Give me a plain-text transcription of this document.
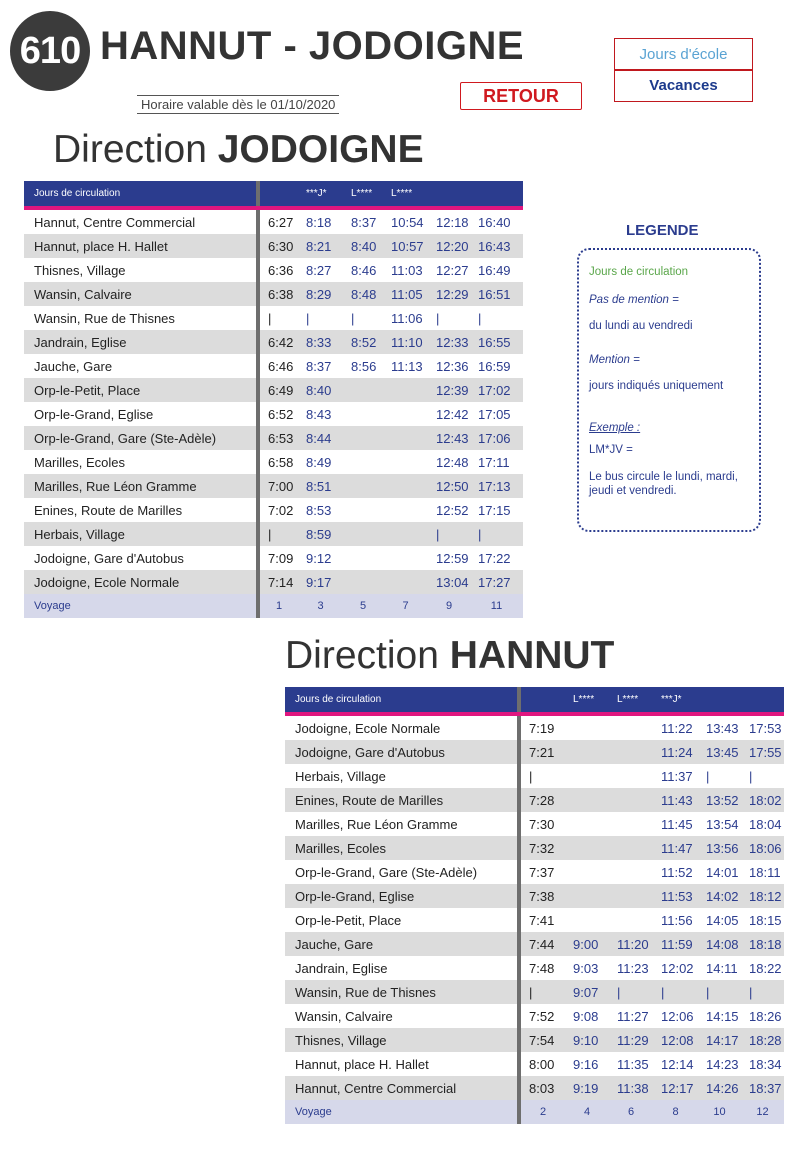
610 HANNUT - JODOIGNE
Horaire valable dès le 01/10/2020	RETOUR
Jours d'école
Vacances
Direction JODOIGNE
Jours de circulation			***J*	L****	L****		
Hannut, Centre Commercial		6:27	8:18	8:37	10:54	12:18	16:40
Hannut, place H. Hallet		6:30	8:21	8:40	10:57	12:20	16:43
Thisnes, Village		6:36	8:27	8:46	11:03	12:27	16:49
Wansin, Calvaire		6:38	8:29	8:48	11:05	12:29	16:51
Wansin, Rue de Thisnes		|	|	|	11:06	|	|
Jandrain, Eglise		6:42	8:33	8:52	11:10	12:33	16:55
Jauche, Gare		6:46	8:37	8:56	11:13	12:36	16:59
Orp-le-Petit, Place		6:49	8:40			12:39	17:02
Orp-le-Grand, Eglise		6:52	8:43			12:42	17:05
Orp-le-Grand, Gare (Ste-Adèle)		6:53	8:44			12:43	17:06
Marilles, Ecoles		6:58	8:49			12:48	17:11
Marilles, Rue Léon Gramme		7:00	8:51			12:50	17:13
Enines, Route de Marilles		7:02	8:53			12:52	17:15
Herbais, Village		|	8:59			|	|
Jodoigne, Gare d'Autobus		7:09	9:12			12:59	17:22
Jodoigne, Ecole Normale		7:14	9:17			13:04	17:27
Voyage		1	3	5	7	9	11
LEGENDE

Jours de circulation

Pas de mention =

du lundi au vendredi

Mention =

jours indiqués uniquement

Exemple :

LM*JV =

Le bus circule le lundi, mardi, jeudi et vendredi.

Direction HANNUT
Jours de circulation			L****	L****	***J*		
Jodoigne, Ecole Normale		7:19			11:22	13:43	17:53
Jodoigne, Gare d'Autobus		7:21			11:24	13:45	17:55
Herbais, Village		|			11:37	|	|
Enines, Route de Marilles		7:28			11:43	13:52	18:02
Marilles, Rue Léon Gramme		7:30			11:45	13:54	18:04
Marilles, Ecoles		7:32			11:47	13:56	18:06
Orp-le-Grand, Gare (Ste-Adèle)		7:37			11:52	14:01	18:11
Orp-le-Grand, Eglise		7:38			11:53	14:02	18:12
Orp-le-Petit, Place		7:41			11:56	14:05	18:15
Jauche, Gare		7:44	9:00	11:20	11:59	14:08	18:18
Jandrain, Eglise		7:48	9:03	11:23	12:02	14:11	18:22
Wansin, Rue de Thisnes		|	9:07	|	|	|	|
Wansin, Calvaire		7:52	9:08	11:27	12:06	14:15	18:26
Thisnes, Village		7:54	9:10	11:29	12:08	14:17	18:28
Hannut, place H. Hallet		8:00	9:16	11:35	12:14	14:23	18:34
Hannut, Centre Commercial		8:03	9:19	11:38	12:17	14:26	18:37
Voyage		2	4	6	8	10	12
